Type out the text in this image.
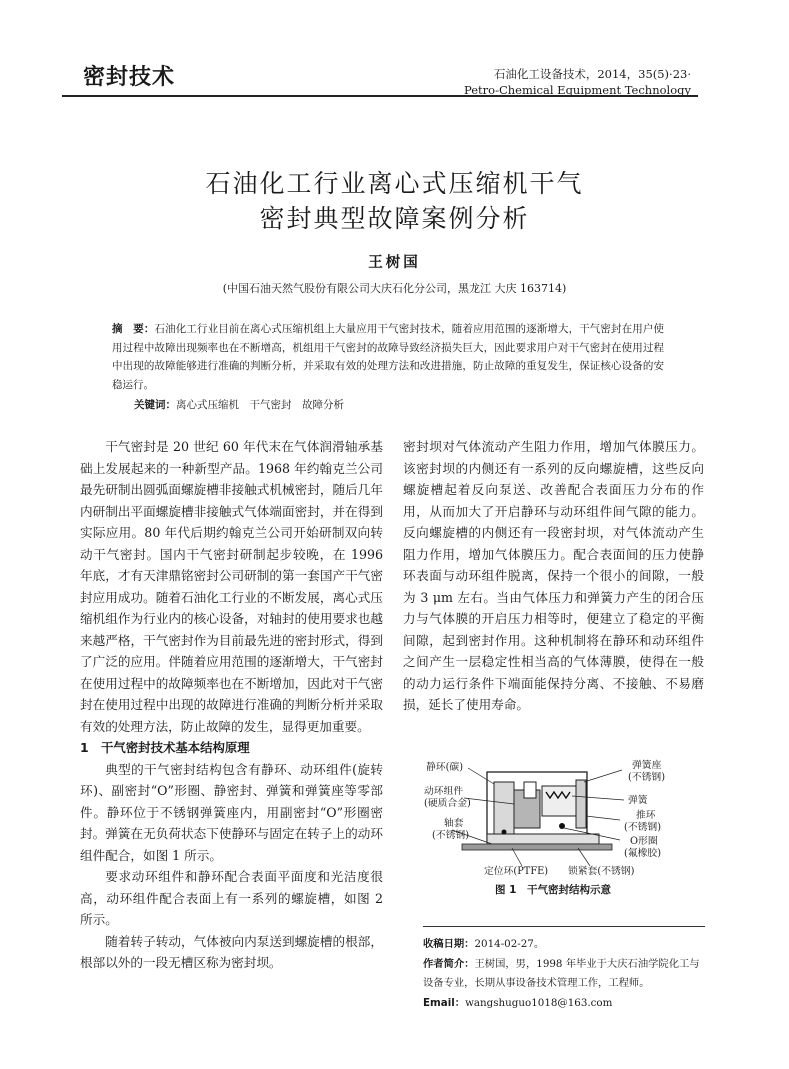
密封技术	石油化工设备技术，2014，35(5)·23·
Petro-Chemical Equipment Technology
石油化工行业离心式压缩机干气
密封典型故障案例分析
王树国
(中国石油天然气股份有限公司大庆石化分公司，黑龙江 大庆 163714)
摘　要：石油化工行业目前在离心式压缩机组上大量应用干气密封技术，随着应用范围的逐渐增大，干气密封在用户使用过程中故障出现频率也在不断增高，机组用干气密封的故障导致经济损失巨大，因此要求用户对干气密封在使用过程中出现的故障能够进行准确的判断分析，并采取有效的处理方法和改进措施，防止故障的重复发生，保证核心设备的安稳运行。
关键词：离心式压缩机　干气密封　故障分析

干气密封是 20 世纪 60 年代末在气体润滑轴承基础上发展起来的一种新型产品。1968 年约翰克兰公司最先研制出圆弧面螺旋槽非接触式机械密封，随后几年内研制出平面螺旋槽非接触式气体端面密封，并在得到实际应用。80 年代后期约翰克兰公司开始研制双向转动干气密封。国内干气密封研制起步较晚，在 1996 年底，才有天津鼎铭密封公司研制的第一套国产干气密封应用成功。随着石油化工行业的不断发展，离心式压缩机组作为行业内的核心设备，对轴封的使用要求也越来越严格，干气密封作为目前最先进的密封形式，得到了广泛的应用。伴随着应用范围的逐渐增大，干气密封在使用过程中的故障频率也在不断增加，因此对干气密封在使用过程中出现的故障进行准确的判断分析并采取有效的处理方法，防止故障的发生，显得更加重要。

1　干气密封技术基本结构原理

典型的干气密封结构包含有静环、动环组件(旋转环)、副密封“O”形圈、静密封、弹簧和弹簧座等零部件。静环位于不锈钢弹簧座内，用副密封“O”形圈密封。弹簧在无负荷状态下使静环与固定在转子上的动环组件配合，如图 1 所示。

要求动环组件和静环配合表面平面度和光洁度很高，动环组件配合表面上有一系列的螺旋槽，如图 2 所示。

随着转子转动，气体被向内泵送到螺旋槽的根部，根部以外的一段无槽区称为密封坝。

密封坝对气体流动产生阻力作用，增加气体膜压力。该密封坝的内侧还有一系列的反向螺旋槽，这些反向螺旋槽起着反向泵送、改善配合表面压力分布的作用，从而加大了开启静环与动环组件间气隙的能力。反向螺旋槽的内侧还有一段密封坝，对气体流动产生阻力作用，增加气体膜压力。配合表面间的压力使静环表面与动环组件脱离，保持一个很小的间隙，一般为 3 μm 左右。当由气体压力和弹簧力产生的闭合压力与气体膜的开启压力相等时，便建立了稳定的平衡间隙，起到密封作用。这种机制将在静环和动环组件之间产生一层稳定性相当高的气体薄膜，使得在一般的动力运行条件下端面能保持分离、不接触、不易磨损，延长了使用寿命。

静环(碳)
动环组件
(硬质合金)
轴套
(不锈钢)
弹簧座
(不锈钢)
弹簧
推环
(不锈钢)
O形圈
(氟橡胶)
定位环(PTFE) 锁紧套(不锈钢)
图 1　 干气密封结构示意
收稿日期：2014-02-27。
作者简介：王树国，男，1998 年毕业于大庆石油学院化工与设备专业，长期从事设备技术管理工作，工程师。
Email：wangshuguo1018@163.com
